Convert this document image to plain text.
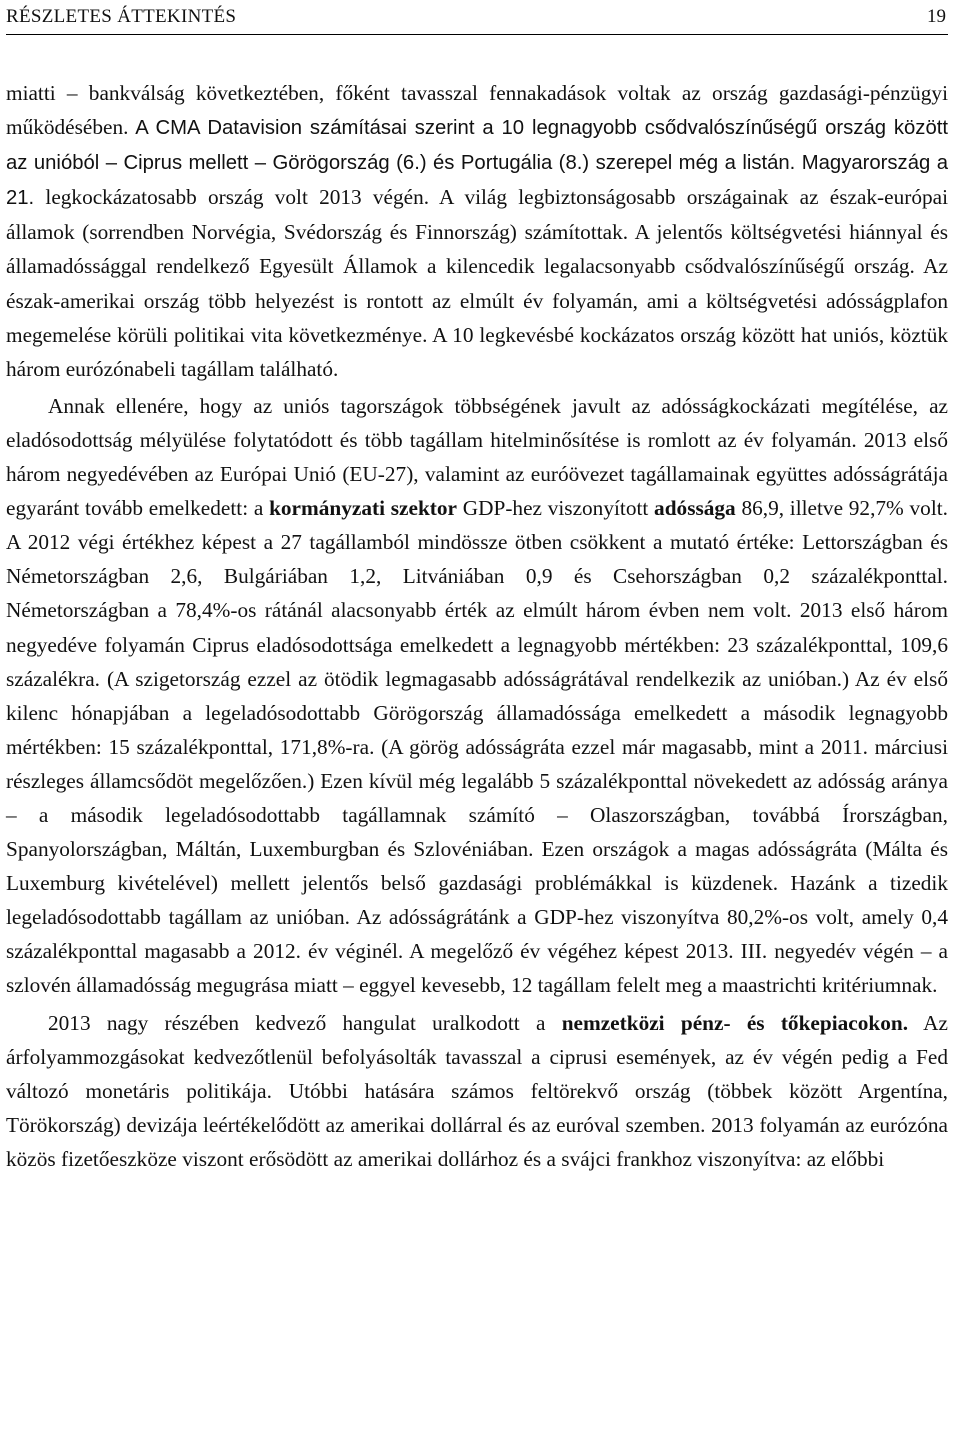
RÉSZLETES ÁTTEKINTÉS	19

miatti – bankválság következtében, főként tavasszal fennakadások voltak az ország gazdasági-pénzügyi működésében. A CMA Datavision számításai szerint a 10 legnagyobb csődvalószínűségű ország között az unióból – Ciprus mellett – Görögország (6.) és Portugália (8.) szerepel még a listán. Magyarország a 21. legkockázatosabb ország volt 2013 végén. A világ legbiztonságosabb országainak az észak-európai államok (sorrendben Norvégia, Svédország és Finnország) számítottak. A jelentős költségvetési hiánnyal és államadóssággal rendelkező Egyesült Államok a kilencedik legalacsonyabb csődvalószínűségű ország. Az észak-amerikai ország több helyezést is rontott az elmúlt év folyamán, ami a költségvetési adósságplafon megemelése körüli politikai vita következménye. A 10 legkevésbé kockázatos ország között hat uniós, köztük három eurózónabeli tagállam található.

Annak ellenére, hogy az uniós tagországok többségének javult az adósságkockázati megítélése, az eladósodottság mélyülése folytatódott és több tagállam hitelminősítése is romlott az év folyamán. 2013 első három negyedévében az Európai Unió (EU-27), valamint az euróövezet tagállamainak együttes adósságrátája egyaránt tovább emelkedett: a kormányzati szektor GDP-hez viszonyított adóssága 86,9, illetve 92,7% volt. A 2012 végi értékhez képest a 27 tagállamból mindössze ötben csökkent a mutató értéke: Lettországban és Németországban 2,6, Bulgáriában 1,2, Litvániában 0,9 és Csehországban 0,2 százalékponttal. Németországban a 78,4%-os rátánál alacsonyabb érték az elmúlt három évben nem volt. 2013 első három negyedéve folyamán Ciprus eladósodottsága emelkedett a legnagyobb mértékben: 23 százalékponttal, 109,6 százalékra. (A szigetország ezzel az ötödik legmagasabb adósságrátával rendelkezik az unióban.) Az év első kilenc hónapjában a legeladósodottabb Görögország államadóssága emelkedett a második legnagyobb mértékben: 15 százalékponttal, 171,8%-ra. (A görög adósságráta ezzel már magasabb, mint a 2011. márciusi részleges államcsődöt megelőzően.) Ezen kívül még legalább 5 százalékponttal növekedett az adósság aránya – a második legeladósodottabb tagállamnak számító – Olaszországban, továbbá Írországban, Spanyolországban, Máltán, Luxemburgban és Szlovéniában. Ezen országok a magas adósságráta (Málta és Luxemburg kivételével) mellett jelentős belső gazdasági problémákkal is küzdenek. Hazánk a tizedik legeladósodottabb tagállam az unióban. Az adósságrátánk a GDP-hez viszonyítva 80,2%-os volt, amely 0,4 százalékponttal magasabb a 2012. év véginél. A megelőző év végéhez képest 2013. III. negyedév végén – a szlovén államadósság megugrása miatt – eggyel kevesebb, 12 tagállam felelt meg a maastrichti kritériumnak.

2013 nagy részében kedvező hangulat uralkodott a nemzetközi pénz- és tőkepiacokon. Az árfolyammozgásokat kedvezőtlenül befolyásolták tavasszal a ciprusi események, az év végén pedig a Fed változó monetáris politikája. Utóbbi hatására számos feltörekvő ország (többek között Argentína, Törökország) devizája leértékelődött az amerikai dollárral és az euróval szemben. 2013 folyamán az eurózóna közös fizetőeszköze viszont erősödött az amerikai dollárhoz és a svájci frankhoz viszonyítva: az előbbi
